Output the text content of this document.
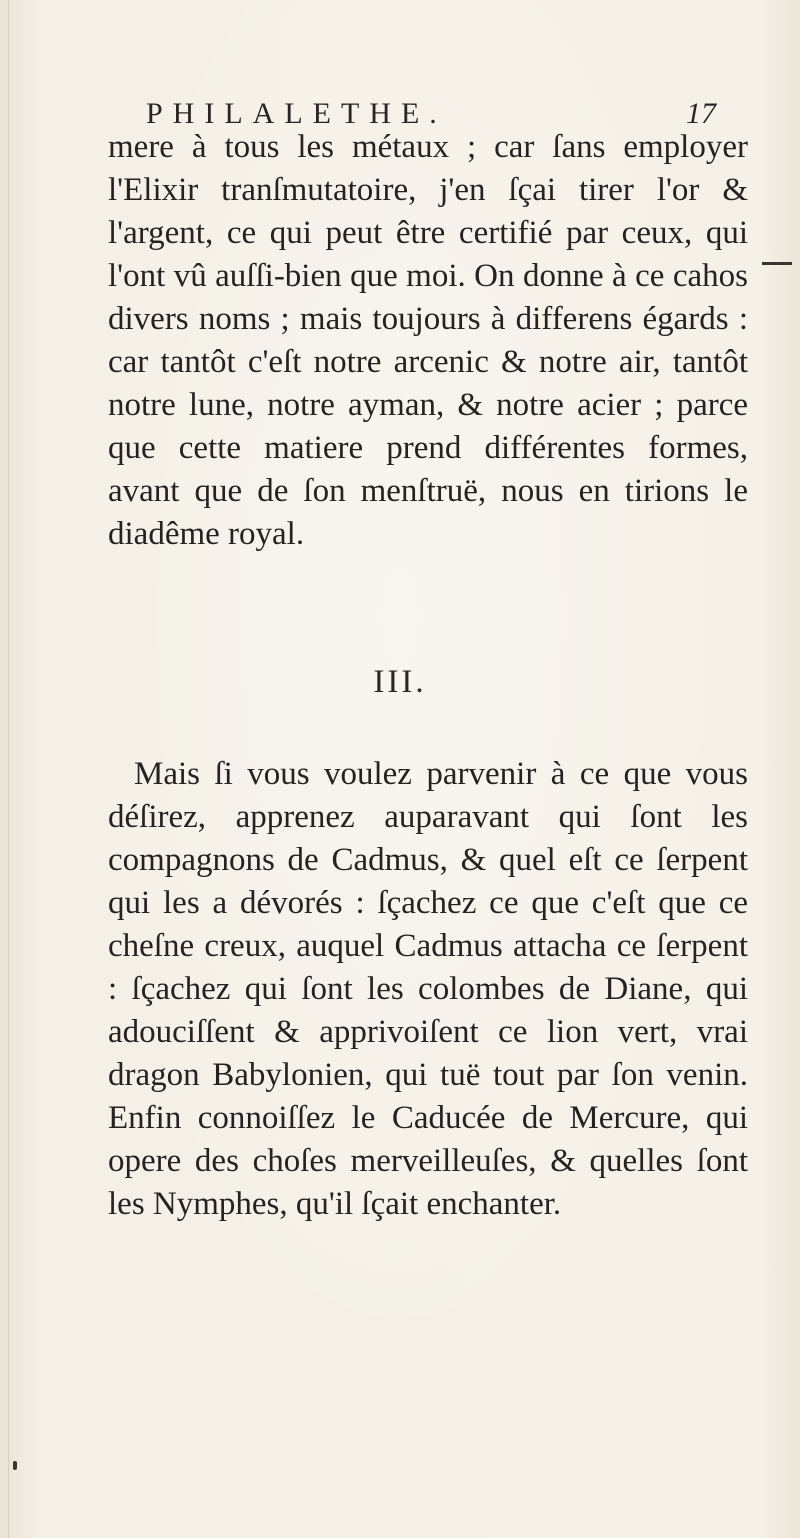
PHILALETHE.	17

mere à tous les métaux ; car ſans employer l'Elixir tranſmutatoire, j'en ſçai tirer l'or & l'argent, ce qui peut être certifié par ceux, qui l'ont vû auſſi-bien que moi. On donne à ce cahos divers noms ; mais toujours à differens égards : car tantôt c'eſt notre arcenic & notre air, tantôt notre lune, notre ayman, & notre acier ; parce que cette matiere prend différentes formes, avant que de ſon menſtruë, nous en tirions le diadême royal.

III.

Mais ſi vous voulez parvenir à ce que vous déſirez, apprenez auparavant qui ſont les compagnons de Cadmus, & quel eſt ce ſerpent qui les a dévorés : ſçachez ce que c'eſt que ce cheſne creux, auquel Cadmus attacha ce ſerpent : ſçachez qui ſont les colombes de Diane, qui adouciſſent & apprivoiſent ce lion vert, vrai dragon Babylonien, qui tuë tout par ſon venin. Enfin connoiſſez le Caducée de Mercure, qui opere des choſes merveilleuſes, & quelles ſont les Nymphes, qu'il ſçait enchanter.
